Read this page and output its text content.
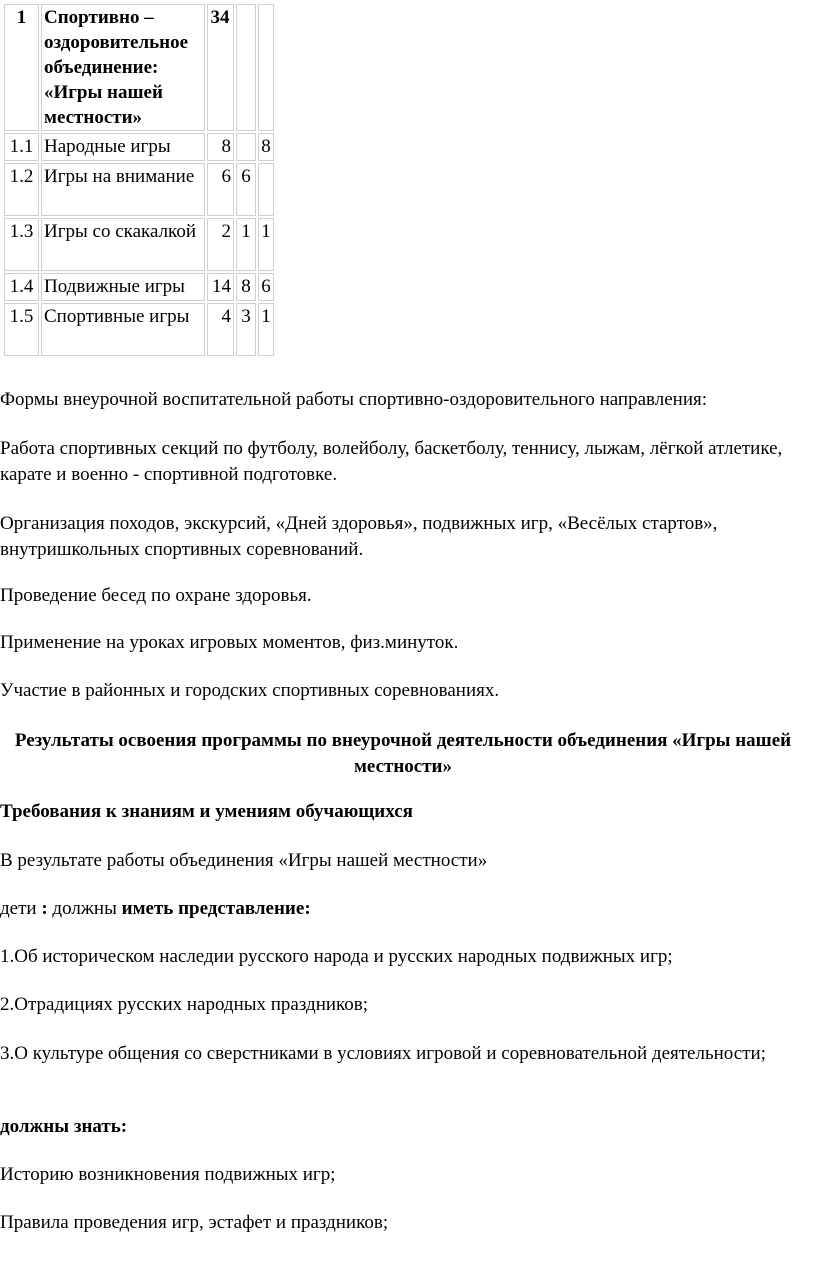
1	Спортивно – оздоровительное объединение: «Игры нашей местности»	34		
1.1	Народные игры	8		8
1.2	Игры на внимание	6	6	
1.3	Игры со скакалкой	2	1	1
1.4	Подвижные игры	14	8	6
1.5	Спортивные игры	4	3	1

Формы внеурочной воспитательной работы спортивно-оздоровительного направления:

Работа спортивных секций по футболу, волейболу, баскетболу, теннису, лыжам, лёгкой атлетике, карате и военно - спортивной подготовке.

Организация походов, экскурсий, «Дней здоровья», подвижных игр, «Весёлых стартов», внутришкольных спортивных соревнований.

Проведение бесед по охране здоровья.

Применение на уроках игровых моментов, физ.минуток.

Участие в районных и городских спортивных соревнованиях.

Результаты освоения программы по внеурочной деятельности объединения «Игры нашей местности»

Требования к знаниям и умениям обучающихся

В результате работы объединения «Игры нашей местности»

дети : должны иметь представление:

1.Об историческом наследии русского народа и русских народных подвижных игр;

2.Отрадициях русских народных праздников;

3.О культуре общения со сверстниками в условиях игровой и соревновательной деятельности;

должны знать:

Историю возникновения подвижных игр;

Правила проведения игр, эстафет и праздников;
